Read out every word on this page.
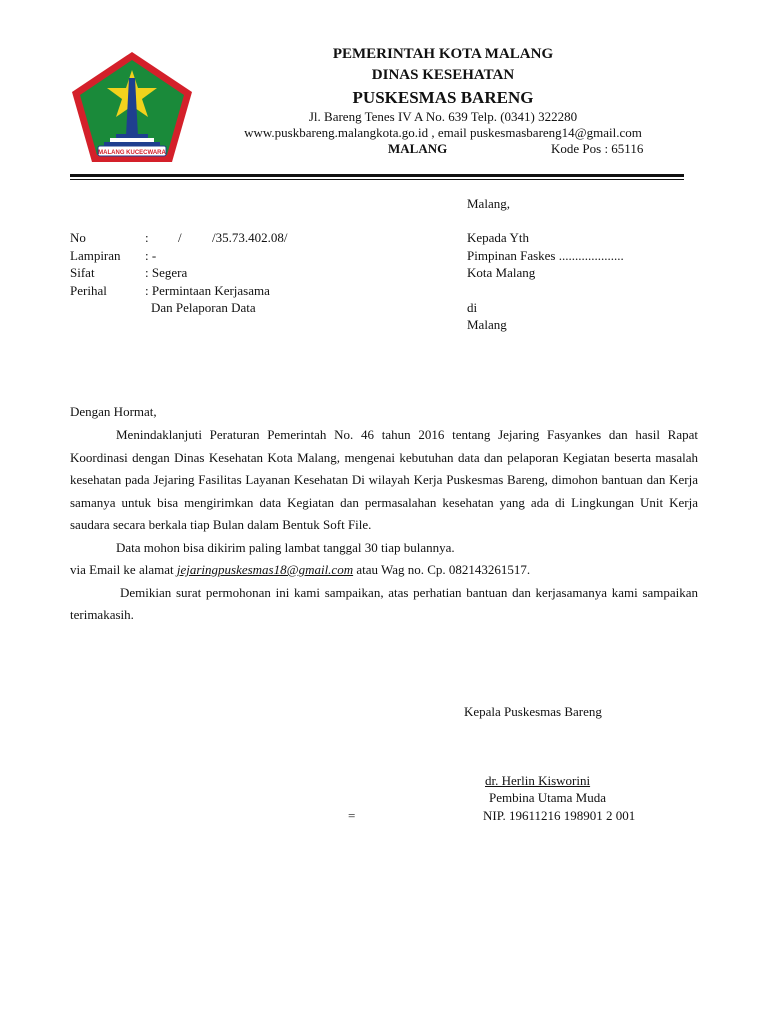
MALANG KUCECWARA
PEMERINTAH KOTA MALANG
DINAS KESEHATAN
PUSKESMAS BARENG
Jl. Bareng Tenes IV A No. 639 Telp. (0341) 322280
www.puskbareng.malangkota.go.id , email puskesmasbareng14@gmail.com
MALANG	Kode Pos : 65116
Malang,
No	: / /35.73.402.08/
Lampiran : -
Sifat	: Segera
Perihal	: Permintaan Kerjasama
Dan Pelaporan Data
Kepada Yth
Pimpinan Faskes ....................
Kota Malang
di
Malang
Dengan Hormat,

Menindaklanjuti Peraturan Pemerintah No. 46 tahun 2016 tentang Jejaring Fasyankes dan hasil Rapat Koordinasi dengan Dinas Kesehatan Kota Malang, mengenai kebutuhan data dan pelaporan Kegiatan beserta masalah kesehatan pada Jejaring Fasilitas Layanan Kesehatan Di wilayah Kerja Puskesmas Bareng, dimohon bantuan dan Kerja samanya untuk bisa mengirimkan data Kegiatan dan permasalahan kesehatan yang ada di Lingkungan Unit Kerja saudara secara berkala tiap Bulan dalam Bentuk Soft File.

Data mohon bisa dikirim paling lambat tanggal 30 tiap bulannya.

via Email ke alamat jejaringpuskesmas18@gmail.com atau Wag no. Cp. 082143261517.

Demikian surat permohonan ini kami sampaikan, atas perhatian bantuan dan kerjasamanya kami sampaikan terimakasih.

Kepala Puskesmas Bareng
dr. Herlin Kisworini
Pembina Utama Muda
=	NIP. 19611216 198901 2 001
